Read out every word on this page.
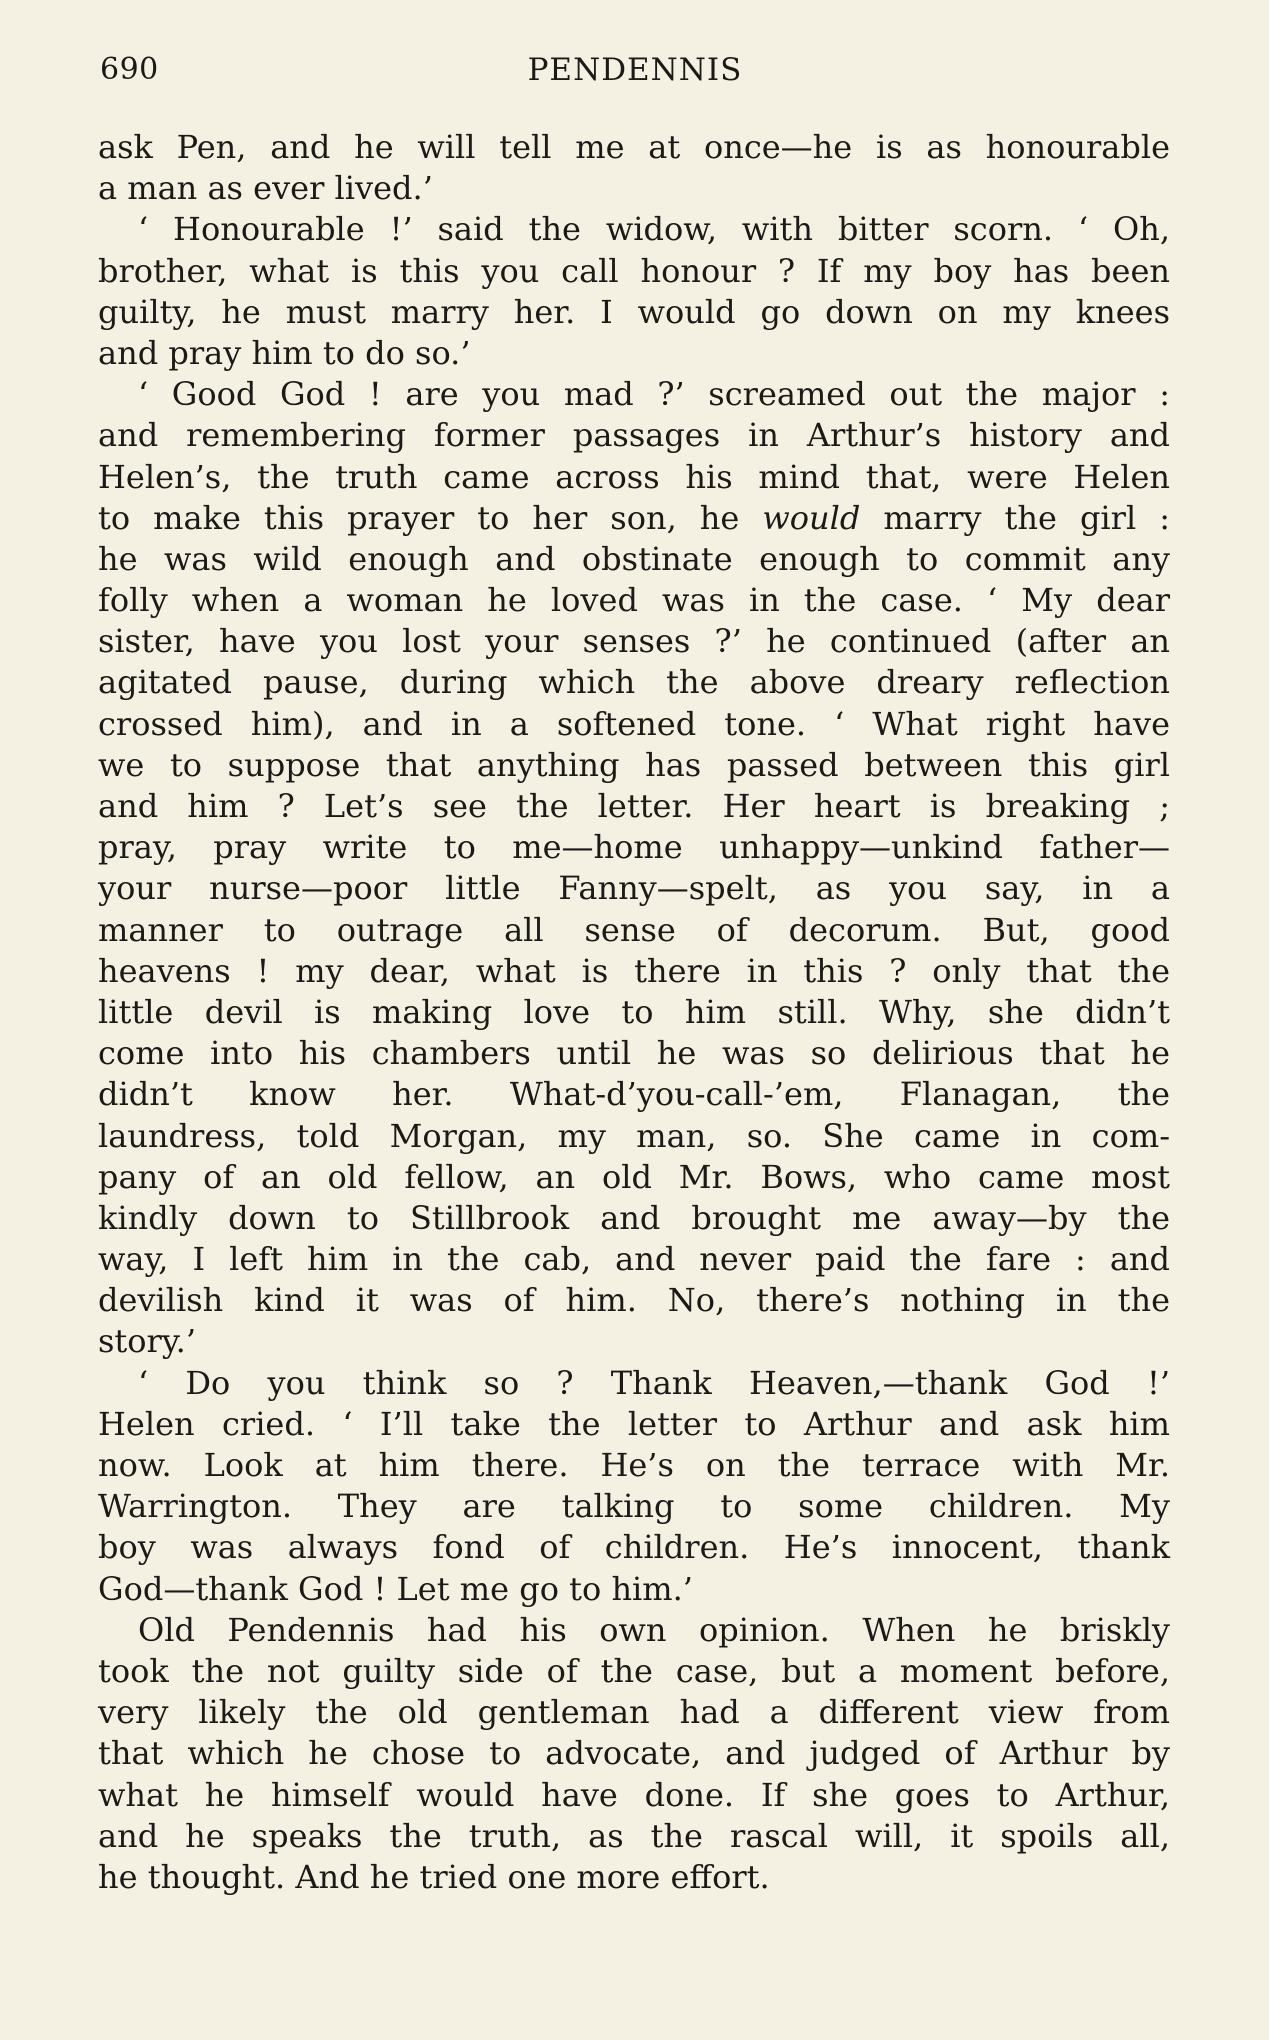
690	PENDENNIS
ask Pen, and he will tell me at once—he is as honourable
a man as ever lived.’
‘ Honourable !’ said the widow, with bitter scorn. ‘ Oh,
brother, what is this you call honour ? If my boy has been
guilty, he must marry her. I would go down on my knees
and pray him to do so.’
‘ Good God ! are you mad ?’ screamed out the major :
and remembering former passages in Arthur’s history and
Helen’s, the truth came across his mind that, were Helen
to make this prayer to her son, he would marry the girl :
he was wild enough and obstinate enough to commit any
folly when a woman he loved was in the case. ‘ My dear
sister, have you lost your senses ?’ he continued (after an
agitated pause, during which the above dreary reflection
crossed him), and in a softened tone. ‘ What right have
we to suppose that anything has passed between this girl
and him ? Let’s see the letter. Her heart is breaking ;
pray, pray write to me—home unhappy—unkind father—
your nurse—poor little Fanny—spelt, as you say, in a
manner to outrage all sense of decorum. But, good
heavens ! my dear, what is there in this ? only that the
little devil is making love to him still. Why, she didn’t
come into his chambers until he was so delirious that he
didn’t know her. What-d’you-call-’em, Flanagan, the
laundress, told Morgan, my man, so. She came in com-
pany of an old fellow, an old Mr. Bows, who came most
kindly down to Stillbrook and brought me away—by the
way, I left him in the cab, and never paid the fare : and
devilish kind it was of him. No, there’s nothing in the
story.’
‘ Do you think so ? Thank Heaven,—thank God !’
Helen cried. ‘ I’ll take the letter to Arthur and ask him
now. Look at him there. He’s on the terrace with Mr.
Warrington. They are talking to some children. My
boy was always fond of children. He’s innocent, thank
God—thank God ! Let me go to him.’
Old Pendennis had his own opinion. When he briskly
took the not guilty side of the case, but a moment before,
very likely the old gentleman had a different view from
that which he chose to advocate, and judged of Arthur by
what he himself would have done. If she goes to Arthur,
and he speaks the truth, as the rascal will, it spoils all,
he thought. And he tried one more effort.
